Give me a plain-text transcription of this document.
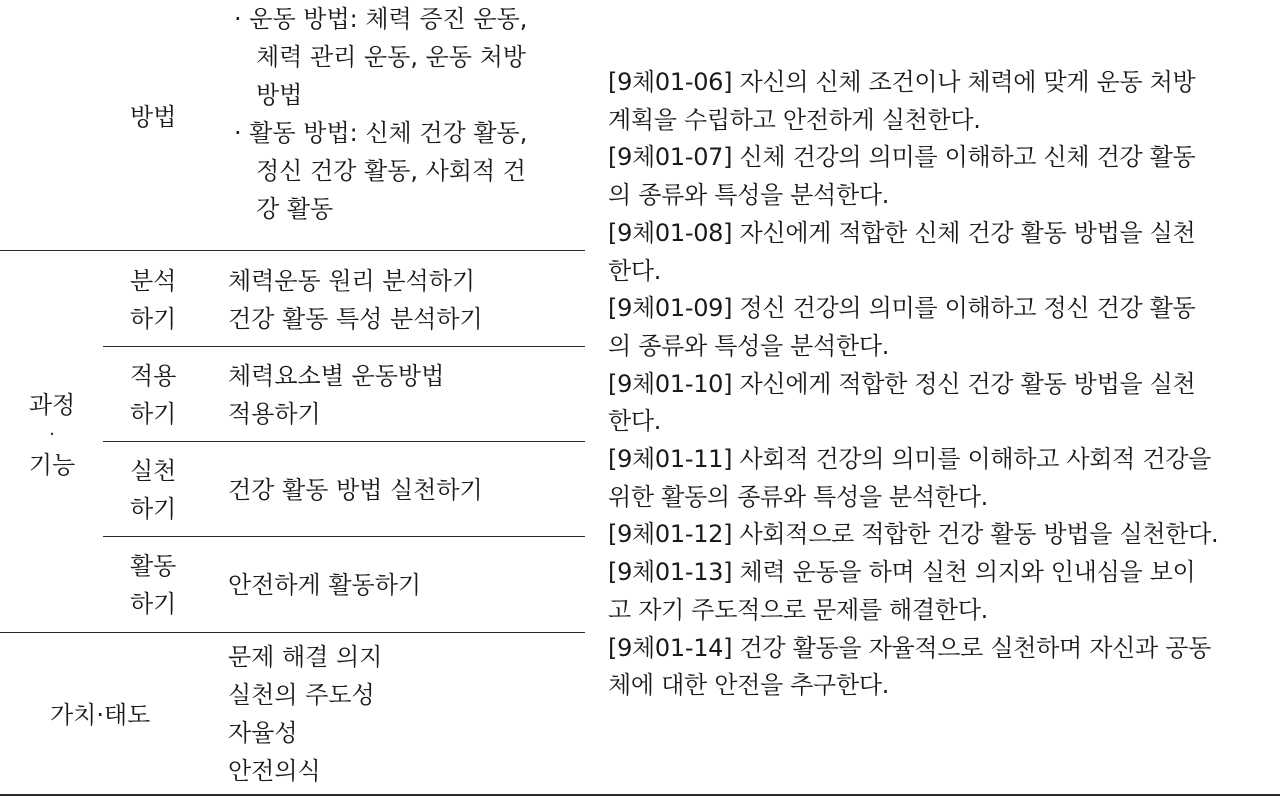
방법
· 운동 방법: 체력 증진 운동,
체력 관리 운동, 운동 처방
방법
· 활동 방법: 신체 건강 활동,
정신 건강 활동, 사회적 건
강 활동
과정
·
기능
분석
하기
체력운동 원리 분석하기
건강 활동 특성 분석하기
적용
하기
체력요소별 운동방법
적용하기
실천
하기
건강 활동 방법 실천하기
활동
하기
안전하게 활동하기
가치·태도
문제 해결 의지
실천의 주도성
자율성
안전의식
[9체01-06] 자신의 신체 조건이나 체력에 맞게 운동 처방
계획을 수립하고 안전하게 실천한다.
[9체01-07] 신체 건강의 의미를 이해하고 신체 건강 활동
의 종류와 특성을 분석한다.
[9체01-08] 자신에게 적합한 신체 건강 활동 방법을 실천
한다.
[9체01-09] 정신 건강의 의미를 이해하고 정신 건강 활동
의 종류와 특성을 분석한다.
[9체01-10] 자신에게 적합한 정신 건강 활동 방법을 실천
한다.
[9체01-11] 사회적 건강의 의미를 이해하고 사회적 건강을
위한 활동의 종류와 특성을 분석한다.
[9체01-12] 사회적으로 적합한 건강 활동 방법을 실천한다.
[9체01-13] 체력 운동을 하며 실천 의지와 인내심을 보이
고 자기 주도적으로 문제를 해결한다.
[9체01-14] 건강 활동을 자율적으로 실천하며 자신과 공동
체에 대한 안전을 추구한다.
